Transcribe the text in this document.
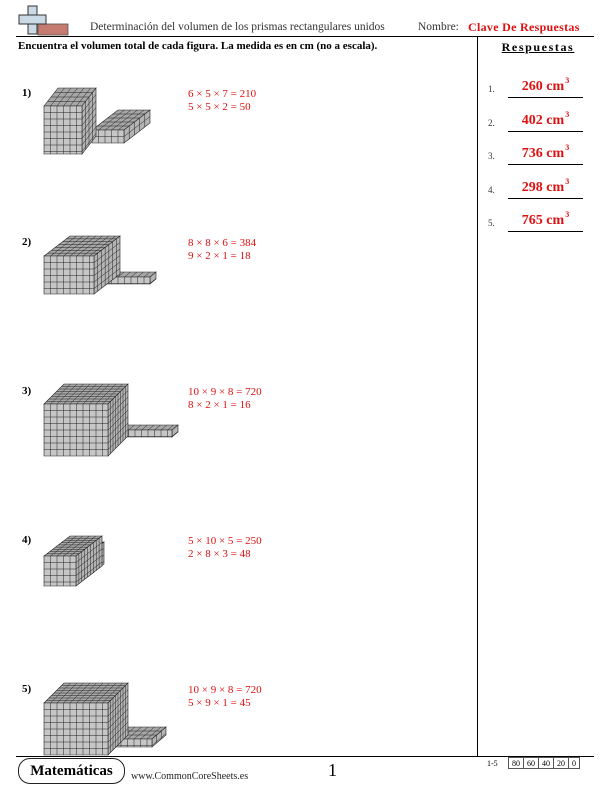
Determinación del volumen de los prismas rectangulares unidos	Nombre: Clave De Respuestas
Encuentra el volumen total de cada figura. La medida es en cm (no a escala).	Respuestas
1.	260 $cm^3$
2.	402 $cm^3$
3.	736 $cm^3$
4.	298 $cm^3$
5.	765 $cm^3$
1)	6 × 5 × 7 = 210
5 × 5 × 2 = 50
2)	8 × 8 × 6 = 384
9 × 2 × 1 = 18
3)	10 × 9 × 8 = 720
8 × 2 × 1 = 16
4)	5 × 10 × 5 = 250
2 × 8 × 3 = 48
5)	10 × 9 × 8 = 720
5 × 9 × 1 = 45
Matemáticas	www.CommonCoreSheets.es	1	1-5 80	60	40	20	0
